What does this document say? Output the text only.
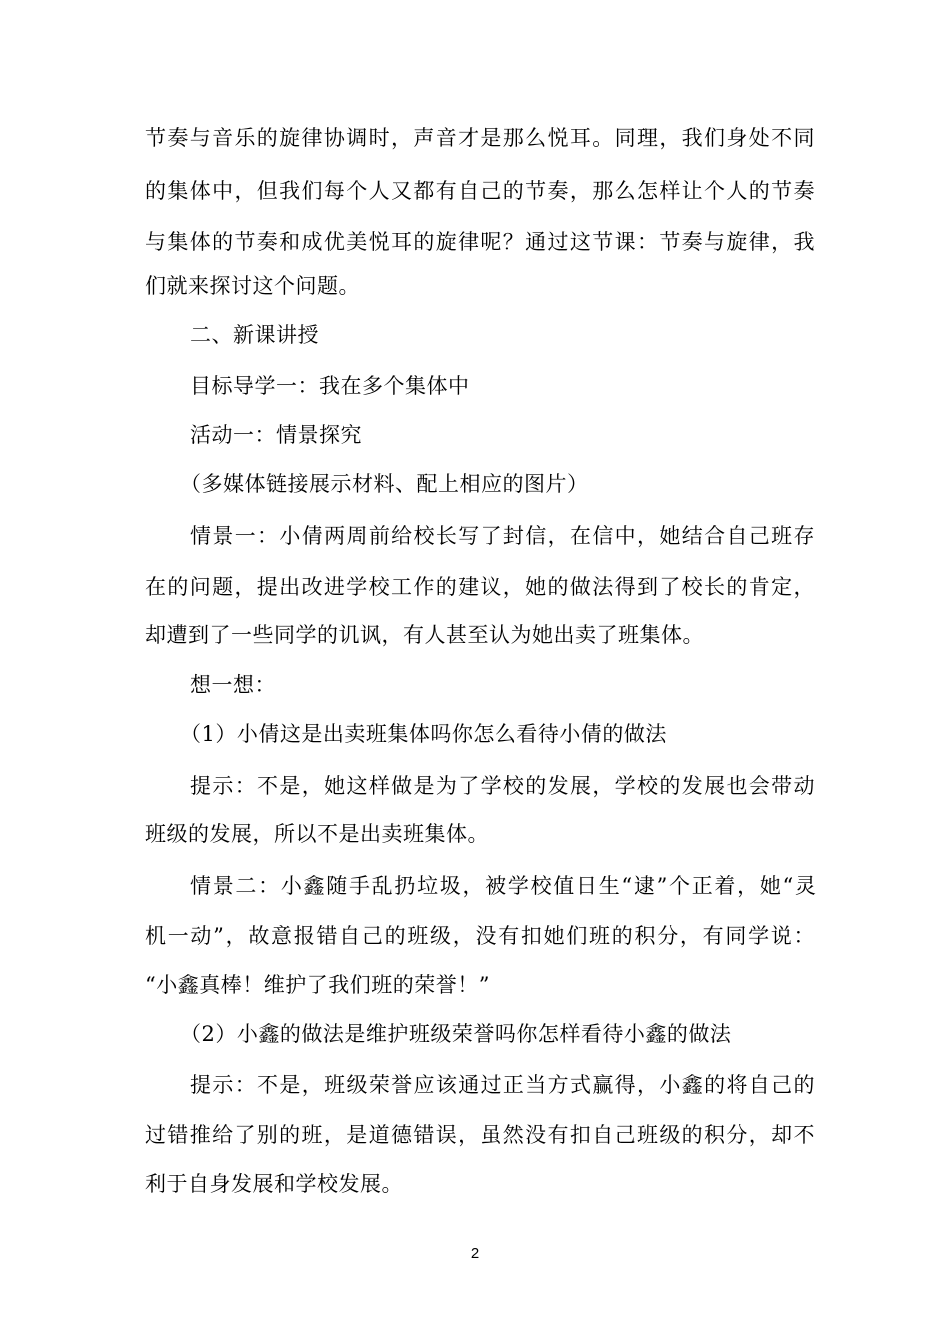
节奏与音乐的旋律协调时，声音才是那么悦耳。同理，我们身处不同
的集体中，但我们每个人又都有自己的节奏，那么怎样让个人的节奏
与集体的节奏和成优美悦耳的旋律呢？通过这节课：节奏与旋律，我
们就来探讨这个问题。
二、新课讲授
目标导学一：我在多个集体中
活动一：情景探究
（多媒体链接展示材料、配上相应的图片）
情景一：小倩两周前给校长写了封信，在信中，她结合自己班存
在的问题，提出改进学校工作的建议，她的做法得到了校长的肯定，
却遭到了一些同学的讥讽，有人甚至认为她出卖了班集体。
想一想：
（1）小倩这是出卖班集体吗你怎么看待小倩的做法
提示：不是，她这样做是为了学校的发展，学校的发展也会带动
班级的发展，所以不是出卖班集体。
情景二：小鑫随手乱扔垃圾，被学校值日生“逮”个正着，她“灵
机一动”，故意报错自己的班级，没有扣她们班的积分，有同学说：
“小鑫真棒！维护了我们班的荣誉！”
（2）小鑫的做法是维护班级荣誉吗你怎样看待小鑫的做法
提示：不是，班级荣誉应该通过正当方式赢得，小鑫的将自己的
过错推给了别的班，是道德错误，虽然没有扣自己班级的积分，却不
利于自身发展和学校发展。
2
